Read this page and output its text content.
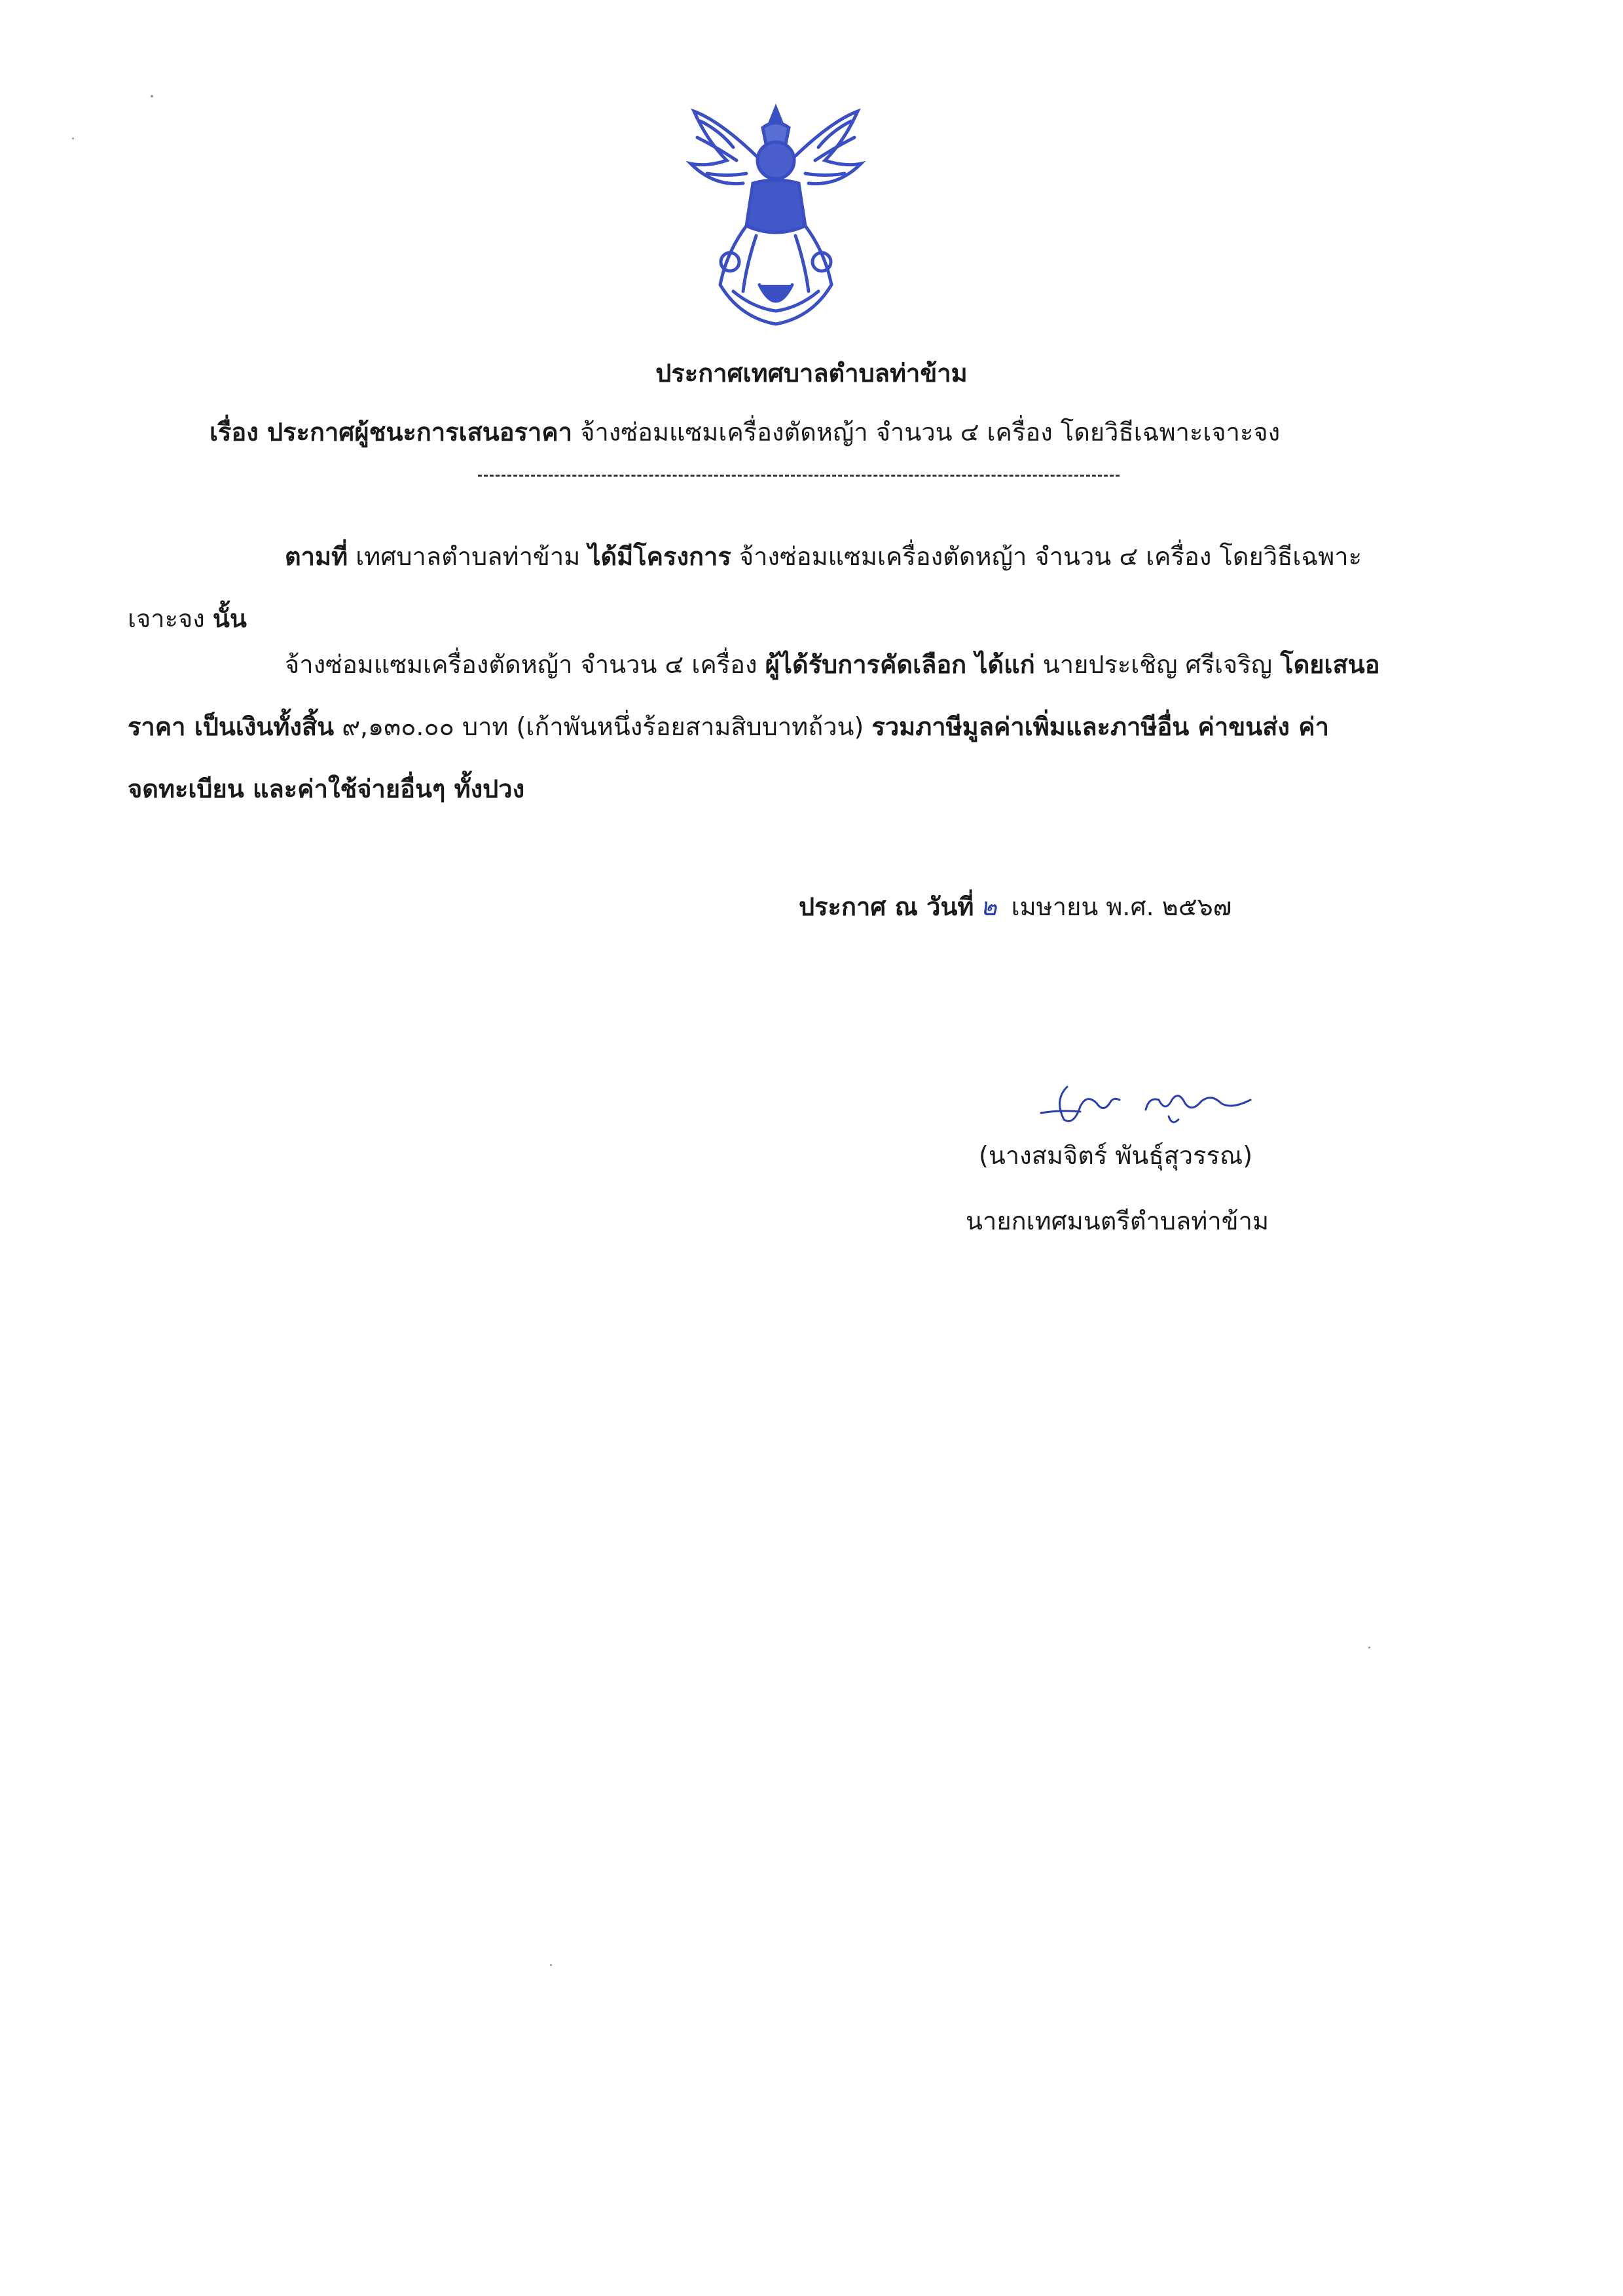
ประกาศเทศบาลตำบลท่าข้าม
เรื่อง ประกาศผู้ชนะการเสนอราคา จ้างซ่อมแซมเครื่องตัดหญ้า จำนวน ๔ เครื่อง โดยวิธีเฉพาะเจาะจง
ตามที่ เทศบาลตำบลท่าข้าม ได้มีโครงการ จ้างซ่อมแซมเครื่องตัดหญ้า จำนวน ๔ เครื่อง โดยวิธีเฉพาะ
เจาะจง นั้น
จ้างซ่อมแซมเครื่องตัดหญ้า จำนวน ๔ เครื่อง ผู้ได้รับการคัดเลือก ได้แก่ นายประเชิญ ศรีเจริญ โดยเสนอ
ราคา เป็นเงินทั้งสิ้น ๙,๑๓๐.๐๐ บาท (เก้าพันหนึ่งร้อยสามสิบบาทถ้วน) รวมภาษีมูลค่าเพิ่มและภาษีอื่น ค่าขนส่ง ค่า
จดทะเบียน และค่าใช้จ่ายอื่นๆ ทั้งปวง
ประกาศ ณ วันที่ ๒ เมษายน พ.ศ. ๒๕๖๗
(นางสมจิตร์ พันธุ์สุวรรณ)
นายกเทศมนตรีตำบลท่าข้าม
